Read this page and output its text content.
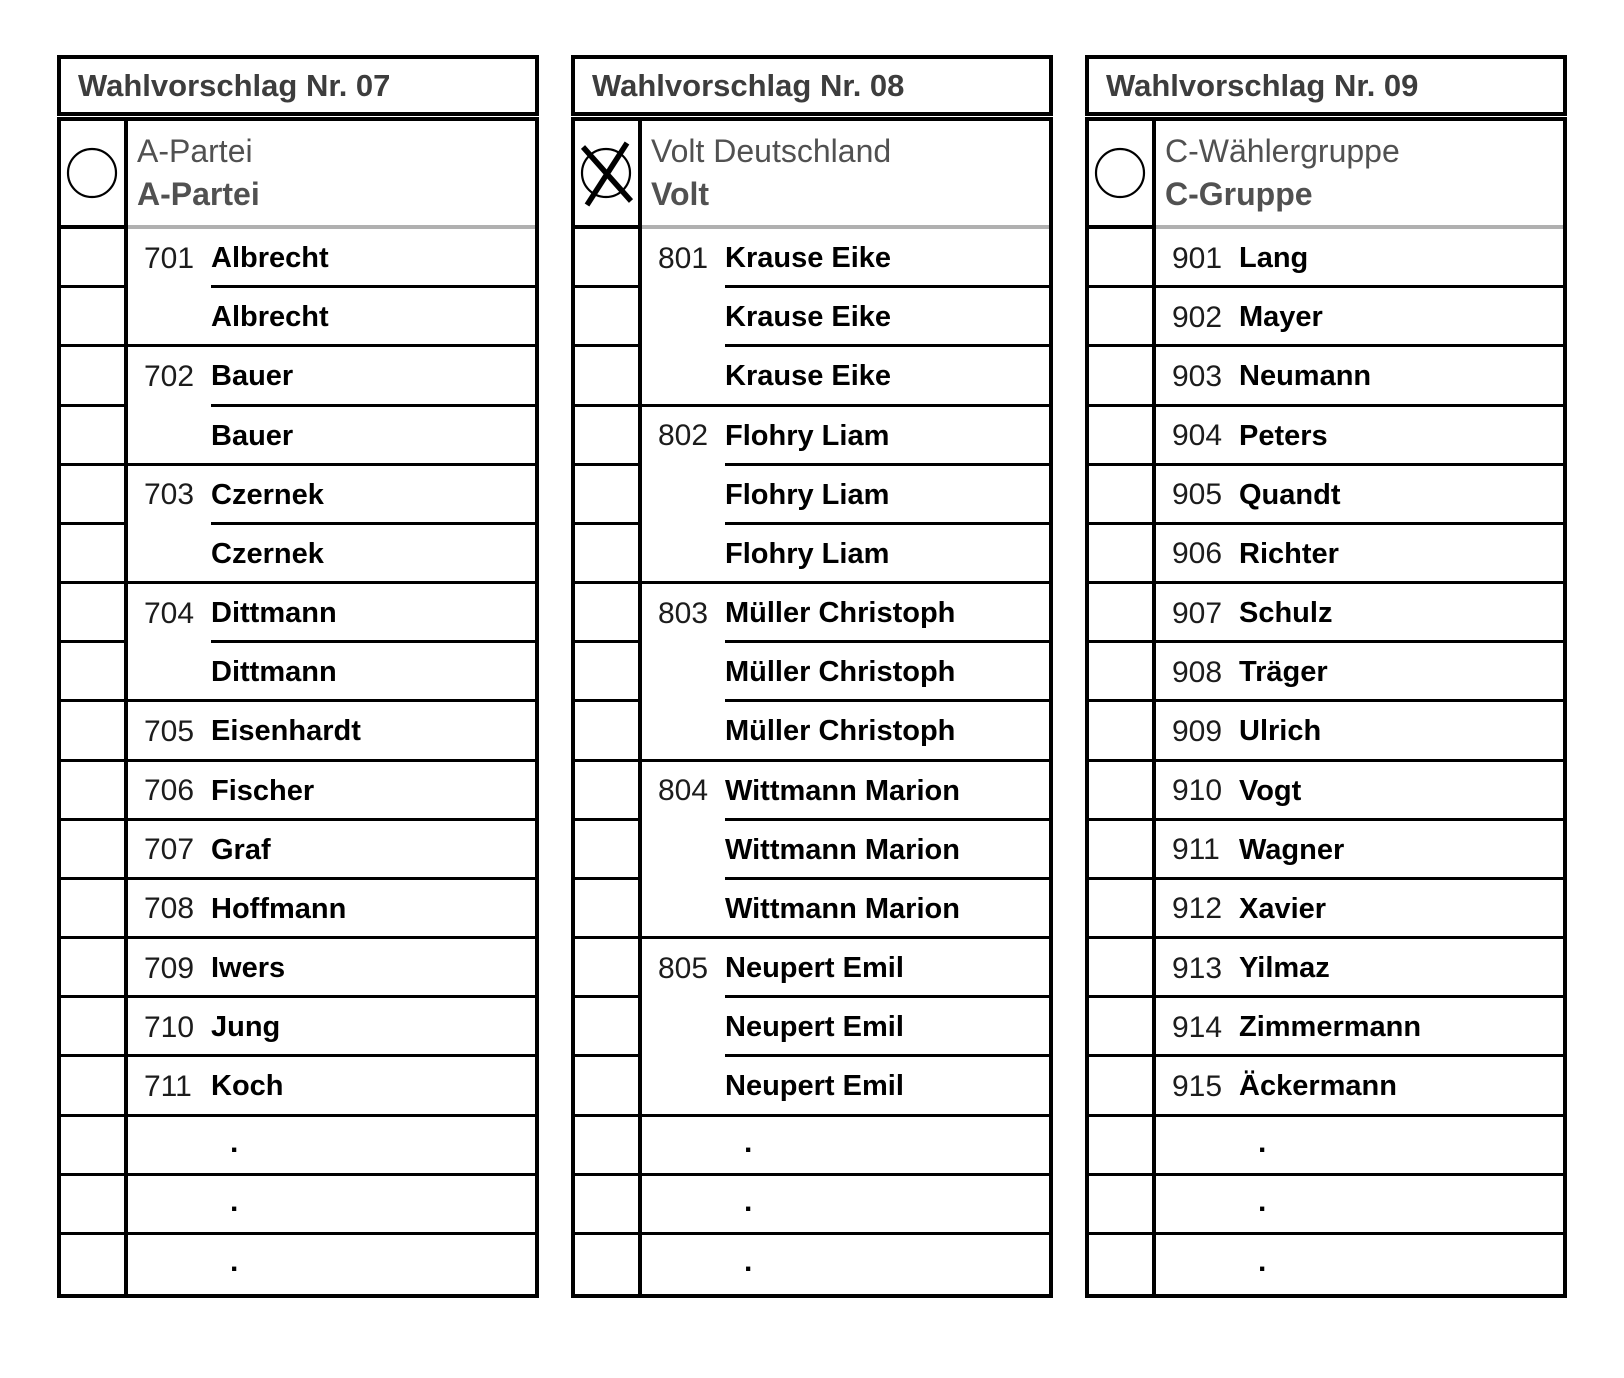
Wahlvorschlag Nr. 07
A-Partei
A-Partei
701 Albrecht
Albrecht
702 Bauer
Bauer
703 Czernek
Czernek
704 Dittmann
Dittmann
705 Eisenhardt
706 Fischer
707 Graf
708 Hoffmann
709 Iwers
710 Jung
711 Koch
.
.
.
Wahlvorschlag Nr. 08
Volt Deutschland
Volt
801 Krause Eike
Krause Eike
Krause Eike
802 Flohry Liam
Flohry Liam
Flohry Liam
803 Müller Christoph
Müller Christoph
Müller Christoph
804 Wittmann Marion
Wittmann Marion
Wittmann Marion
805 Neupert Emil
Neupert Emil
Neupert Emil
.
.
.
Wahlvorschlag Nr. 09
C-Wählergruppe
C-Gruppe
901 Lang
902 Mayer
903 Neumann
904 Peters
905 Quandt
906 Richter
907 Schulz
908 Träger
909 Ulrich
910 Vogt
911 Wagner
912 Xavier
913 Yilmaz
914 Zimmermann
915 Äckermann
.
.
.
